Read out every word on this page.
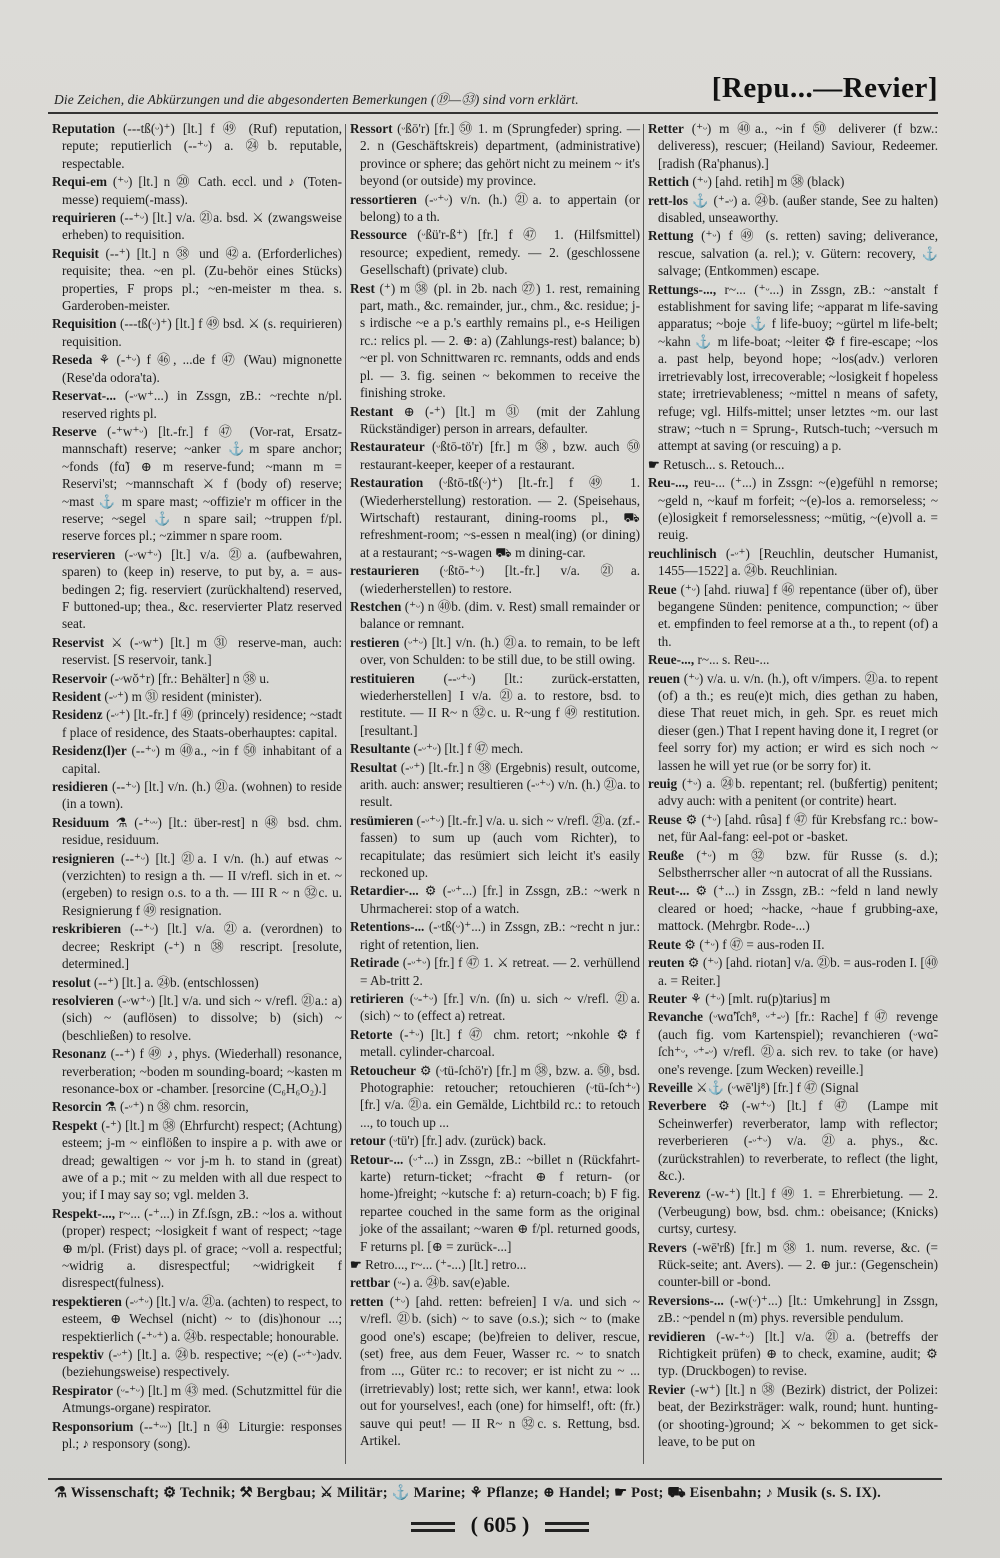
Die Zeichen, die Abkürzungen und die abgesonderten Bemerkungen (⑲—㉝) sind vorn erklärt.	[Repu...—Revier]
Reputation (---tß(ᵕ)⁺) [lt.] f ㊾ (Ruf) reputation, repute; reputierlich (--⁺ᵕ) a. ㉔b. reputable, respectable.
Requi-em (⁺ᵕ) [lt.] n ⑳ Cath. eccl. und ♪ (Toten-messe) requiem(-mass).
requirieren (--⁺ᵕ) [lt.] v/a. ㉑a. bsd. ⚔ (zwangsweise erheben) to requisition.
Requisit (--⁺) [lt.] n ㊳ und ㊷a. (Erforderliches) requisite; thea. ~en pl. (Zu-behör eines Stücks) properties, F props pl.; ~en-meister m thea. s. Garderoben-meister.
Requisition (---tß(ᵕ)⁺) [lt.] f ㊾ bsd. ⚔ (s. requirieren) requisition.
Reseda ⚘ (-⁺ᵕ) f ㊻, ...de f ㊼ (Wau) mignonette (Rese'da odora'ta).
Reservat-... (-ᵕw⁺...) in Zssgn, zB.: ~rechte n/pl. reserved rights pl.
Reserve (-⁺w⁺ᵕ) [lt.-fr.] f ㊼ (Vor-rat, Ersatz-mannschaft) reserve; ~anker ⚓m spare anchor; ~fonds (fɑ̃) ⊕ m reserve-fund; ~mann m = Reservi'st; ~mannschaft ⚔ f (body of) reserve; ~mast ⚓ m spare mast; ~offizie'r m officer in the reserve; ~segel ⚓ n spare sail; ~truppen f/pl. reserve forces pl.; ~zimmer n spare room.
reservieren (-ᵕw⁺ᵕ) [lt.] v/a. ㉑a. (aufbewahren, sparen) to (keep in) reserve, to put by, a. = aus-bedingen 2; fig. reserviert (zurückhaltend) reserved, F buttoned-up; thea., &c. reservierter Platz reserved seat.
Reservist ⚔ (-ᵕw⁺) [lt.] m ㉛ reserve-man, auch: reservist. [S reservoir, tank.]
Reservoir (-ᵕwŏ⁺r) [fr.: Behälter] n ㊳ u.
Resident (-ᵕ⁺) m ㉛ resident (minister).
Residenz (-ᵕ⁺) [lt.-fr.] f ㊾ (princely) residence; ~stadt f place of residence, des Staats-oberhauptes: capital.
Residenz(l)er (--⁺ᵕ) m ㊵a., ~in f ㊿ inhabitant of a capital.
residieren (--⁺ᵕ) [lt.] v/n. (h.) ㉑a. (wohnen) to reside (in a town).
Residuum ⚗ (-⁺ᵕᵕ) [lt.: über-rest] n ㊽ bsd. chm. residue, residuum.
resignieren (--⁺ᵕ) [lt.] ㉑a. I v/n. (h.) auf etwas ~ (verzichten) to resign a th. — II v/refl. sich in et. ~ (ergeben) to resign o.s. to a th. — III R ~ n ㉜c. u. Resignierung f ㊾ resignation.
reskribieren (--⁺ᵕ) [lt.] v/a. ㉑a. (verordnen) to decree; Reskript (-⁺) n ㊳ rescript. [resolute, determined.]
resolut (--⁺) [lt.] a. ㉔b. (entschlossen)
resolvieren (-ᵕw⁺ᵕ) [lt.] v/a. und sich ~ v/refl. ㉑a.: a) (sich) ~ (auflösen) to dissolve; b) (sich) ~ (beschließen) to resolve.
Resonanz (--⁺) f ㊾ ♪, phys. (Wiederhall) resonance, reverberation; ~boden m sounding-board; ~kasten m resonance-box or -chamber. [resorcine (C₆H₆O₂).]
Resorcin ⚗ (-ᵕ⁺) n ㊳ chm. resorcin,
Respekt (-⁺) [lt.] m ㊳ (Ehrfurcht) respect; (Achtung) esteem; j-m ~ einflößen to inspire a p. with awe or dread; gewaltigen ~ vor j-m h. to stand in (great) awe of a p.; mit ~ zu melden with all due respect to you; if I may say so; vgl. melden 3.
Respekt-..., r~... (-⁺...) in Zf.ſsgn, zB.: ~los a. without (proper) respect; ~losigkeit f want of respect; ~tage ⊕ m/pl. (Frist) days pl. of grace; ~voll a. respectful; ~widrig a. disrespectful; ~widrigkeit f disrespect(fulness).
respektieren (-ᵕ⁺ᵕ) [lt.] v/a. ㉑a. (achten) to respect, to esteem, ⊕ Wechsel (nicht) ~ to (dis)honour ...; respektierlich (-⁺ᵕ⁺) a. ㉔b. respectable; honourable.
respektiv (-ᵕ⁺) [lt.] a. ㉔b. respective; ~(e) (-ᵕ⁺ᵕ)adv.(beziehungsweise) respectively.
Respirator (ᵕ-⁺ᵕ) [lt.] m ㊸ med. (Schutzmittel für die Atmungs-organe) respirator.
Responsorium (--⁺ᵕᵕ) [lt.] n ㊹ Liturgie: responses pl.; ♪ responsory (song).
Ressort (ᵕßō'r) [fr.] ㊿ 1. m (Sprungfeder) spring. — 2. n (Geschäftskreis) department, (administrative) province or sphere; das gehört nicht zu meinem ~ it's beyond (or outside) my province.
ressortieren (-ᵕ⁺ᵕ) v/n. (h.) ㉑a. to appertain (or belong) to a th.
Ressource (ᵕßü'r-ß⁺) [fr.] f ㊼ 1. (Hilfsmittel) resource; expedient, remedy. — 2. (geschlossene Gesellschaft) (private) club.
Rest (⁺) m ㊳ (pl. in 2b. nach ㉗) 1. rest, remaining part, math., &c. remainder, jur., chm., &c. residue; j-s irdische ~e a p.'s earthly remains pl., e-s Heiligen rc.: relics pl. — 2. ⊕: a) (Zahlungs-rest) balance; b) ~er pl. von Schnittwaren rc. remnants, odds and ends pl. — 3. fig. seinen ~ bekommen to receive the finishing stroke.
Restant ⊕ (-⁺) [lt.] m ㉛ (mit der Zahlung Rückständiger) person in arrears, defaulter.
Restaurateur (ᵕßtō-tö'r) [fr.] m ㊳, bzw. auch ㊿ restaurant-keeper, keeper of a restaurant.
Restauration (ᵕßtō-tß(ᵕ)⁺) [lt.-fr.] f ㊾ 1. (Wiederherstellung) restoration. — 2. (Speisehaus, Wirtschaft) restaurant, dining-rooms pl., ⛟ refreshment-room; ~s-essen n meal(ing) (or dining) at a restaurant; ~s-wagen ⛟ m dining-car.
restaurieren (ᵕßtō-⁺ᵕ) [lt.-fr.] v/a. ㉑a. (wiederherstellen) to restore.
Restchen (⁺ᵕ) n ㊵b. (dim. v. Rest) small remainder or balance or remnant.
restieren (ᵕ⁺ᵕ) [lt.] v/n. (h.) ㉑a. to remain, to be left over, von Schulden: to be still due, to be still owing.
restituieren (--ᵕ⁺ᵕ) [lt.: zurück-erstatten, wiederherstellen] I v/a. ㉑a. to restore, bsd. to restitute. — II R~ n ㉜c. u. R~ung f ㊾ restitution. [resultant.]
Resultante (-ᵕ⁺ᵕ) [lt.] f ㊼ mech.
Resultat (-ᵕ⁺) [lt.-fr.] n ㊳ (Ergebnis) result, outcome, arith. auch: answer; resultieren (-ᵕ⁺ᵕ) v/n. (h.) ㉑a. to result.
resümieren (-ᵕ⁺ᵕ) [lt.-fr.] v/a. u. sich ~ v/refl. ㉑a. (zf.-fassen) to sum up (auch vom Richter), to recapitulate; das resümiert sich leicht it's easily reckoned up.
Retardier-... ⚙ (-ᵕ⁺...) [fr.] in Zssgn, zB.: ~werk n Uhrmacherei: stop of a watch.
Retentions-... (-ᵕtß(ᵕ)⁺...) in Zssgn, zB.: ~recht n jur.: right of retention, lien.
Retirade (-ᵕ⁺ᵕ) [fr.] f ㊼ 1. ⚔ retreat. — 2. verhüllend = Ab-tritt 2.
retirieren (ᵕ-⁺ᵕ) [fr.] v/n. (ſn) u. sich ~ v/refl. ㉑a. (sich) ~ to (effect a) retreat.
Retorte (-⁺ᵕ) [lt.] f ㊼ chm. retort; ~nkohle ⚙ f metall. cylinder-charcoal.
Retoucheur ⚙ (ᵕtü-ſchö'r) [fr.] m ㊳, bzw. a. ㊿, bsd. Photographie: retoucher; retouchieren (ᵕtü-ſch⁺ᵕ) [fr.] v/a. ㉑a. ein Gemälde, Lichtbild rc.: to retouch ..., to touch up ...
retour (ᵕtü'r) [fr.] adv. (zurück) back.
Retour-... (ᵕ⁺...) in Zssgn, zB.: ~billet n (Rückfahrt-karte) return-ticket; ~fracht ⊕ f return- (or home-)freight; ~kutsche f: a) return-coach; b) F fig. repartee couched in the same form as the original joke of the assailant; ~waren ⊕ f/pl. returned goods, F returns pl. [⊕ = zurück-...]
☛ Retro..., r~... (⁺-...) [lt.] retro...
rettbar (ᵕ-) a. ㉔b. sav(e)able.
retten (⁺ᵕ) [ahd. retten: befreien] I v/a. und sich ~ v/refl. ㉑b. (sich) ~ to save (o.s.); sich ~ to (make good one's) escape; (be)freien to deliver, rescue, (set) free, aus dem Feuer, Wasser rc. ~ to snatch from ..., Güter rc.: to recover; er ist nicht zu ~ ... (irretrievably) lost; rette sich, wer kann!, etwa: look out for yourselves!, each (one) for himself!, oft: (fr.) sauve qui peut! — II R~ n ㉜c. s. Rettung, bsd. Artikel.
Retter (⁺ᵕ) m ㊵a., ~in f ㊿ deliverer (f bzw.: deliveress), rescuer; (Heiland) Saviour, Redeemer. [radish (Ra'phanus).]
Rettich (⁺ᵕ) [ahd. retih] m ㊳ (black)
rett-los ⚓ (⁺-ᵕ) a. ㉔b. (außer stande, See zu halten) disabled, unseaworthy.
Rettung (⁺ᵕ) f ㊾ (s. retten) saving; deliverance, rescue, salvation (a. rel.); v. Gütern: recovery, ⚓ salvage; (Entkommen) escape.
Rettungs-..., r~... (⁺ᵕ...) in Zssgn, zB.: ~anstalt f establishment for saving life; ~apparat m life-saving apparatus; ~boje ⚓ f life-buoy; ~gürtel m life-belt; ~kahn ⚓ m life-boat; ~leiter ⚙ f fire-escape; ~los a. past help, beyond hope; ~los(adv.) verloren irretrievably lost, irrecoverable; ~losigkeit f hopeless state; irretrievableness; ~mittel n means of safety, refuge; vgl. Hilfs-mittel; unser letztes ~m. our last straw; ~tuch n = Sprung-, Rutsch-tuch; ~versuch m attempt at saving (or rescuing) a p.
☛ Retusch... s. Retouch...
Reu-..., reu-... (⁺...) in Zssgn: ~(e)gefühl n remorse; ~geld n, ~kauf m forfeit; ~(e)-los a. remorseless; ~(e)losigkeit f remorselessness; ~mütig, ~(e)voll a. = reuig.
reuchlinisch (-ᵕ⁺) [Reuchlin, deutscher Humanist, 1455—1522] a. ㉔b. Reuchlinian.
Reue (⁺ᵕ) [ahd. riuwa] f ㊻ repentance (über of), über begangene Sünden: penitence, compunction; ~ über et. empfinden to feel remorse at a th., to repent (of) a th.
Reue-..., r~... s. Reu-...
reuen (⁺ᵕ) v/a. u. v/n. (h.), oft v/impers. ㉑a. to repent (of) a th.; es reu(e)t mich, dies gethan zu haben, diese That reuet mich, in geh. Spr. es reuet mich dieser (gen.) That I repent having done it, I regret (or feel sorry for) my action; er wird es sich noch ~ lassen he will yet rue (or be sorry for) it.
reuig (⁺ᵕ) a. ㉔b. repentant; rel. (bußfertig) penitent; advy auch: with a penitent (or contrite) heart.
Reuse ⚙ (⁺ᵕ) [ahd. rûsa] f ㊼ für Krebsfang rc.: bow-net, für Aal-fang: eel-pot or -basket.
Reuße (⁺ᵕ) m ㉜ bzw. für Russe (s. d.); Selbstherrscher aller ~n autocrat of all the Russians.
Reut-... ⚙ (⁺...) in Zssgn, zB.: ~feld n land newly cleared or hoed; ~hacke, ~haue f grubbing-axe, mattock. (Mehrgbr. Rode-...)
Reute ⚙ (⁺ᵕ) f ㊼ = aus-roden II.
reuten ⚙ (⁺ᵕ) [ahd. riotan] v/a. ㉑b. = aus-roden I. [㊵a. = Reiter.]
Reuter ⚘ (⁺ᵕ) [mlt. ru(p)tarius] m
Revanche (ᵕwɑ̃'ſch⁸, ᵕ⁺-ᵕ) [fr.: Rache] f ㊼ revenge (auch fig. vom Kartenspiel); revanchieren (ᵕwɑ̃-ſch⁺ᵕ, ᵕ⁺-ᵕ) v/refl. ㉑a. sich rev. to take (or have) one's revenge. [zum Wecken) reveille.]
Reveille ⚔⚓ (ᵕwē'lj⁸) [fr.] f ㊼ (Signal
Reverbere ⚙ (-w⁺ᵕ) [lt.] f ㊼ (Lampe mit Scheinwerfer) reverberator, lamp with reflector; reverberieren (-ᵕ⁺ᵕ) v/a. ㉑a. phys., &c. (zurückstrahlen) to reverberate, to reflect (the light, &c.).
Reverenz (-w-⁺) [lt.] f ㊾ 1. = Ehrerbietung. — 2. (Verbeugung) bow, bsd. chm.: obeisance; (Knicks) curtsy, curtesy.
Revers (-wē'rß) [fr.] m ㊳ 1. num. reverse, &c. (= Rück-seite; ant. Avers). — 2. ⊕ jur.: (Gegenschein) counter-bill or -bond.
Reversions-... (-w(ᵕ)⁺...) [lt.: Umkehrung] in Zssgn, zB.: ~pendel n (m) phys. reversible pendulum.
revidieren (-w-⁺ᵕ) [lt.] v/a. ㉑a. (betreffs der Richtigkeit prüfen) ⊕ to check, examine, audit; ⚙ typ. (Druckbogen) to revise.
Revier (-w⁺) [lt.] n ㊳ (Bezirk) district, der Polizei: beat, der Bezirksträger: walk, round; hunt. hunting- (or shooting-)ground; ⚔ ~ bekommen to get sick-leave, to be put on
⚗ Wissenschaft; ⚙ Technik; ⚒ Bergbau; ⚔ Militär; ⚓ Marine; ⚘ Pflanze; ⊕ Handel; ☛ Post; ⛟ Eisenbahn; ♪ Musik (s. S. IX).
( 605 )
